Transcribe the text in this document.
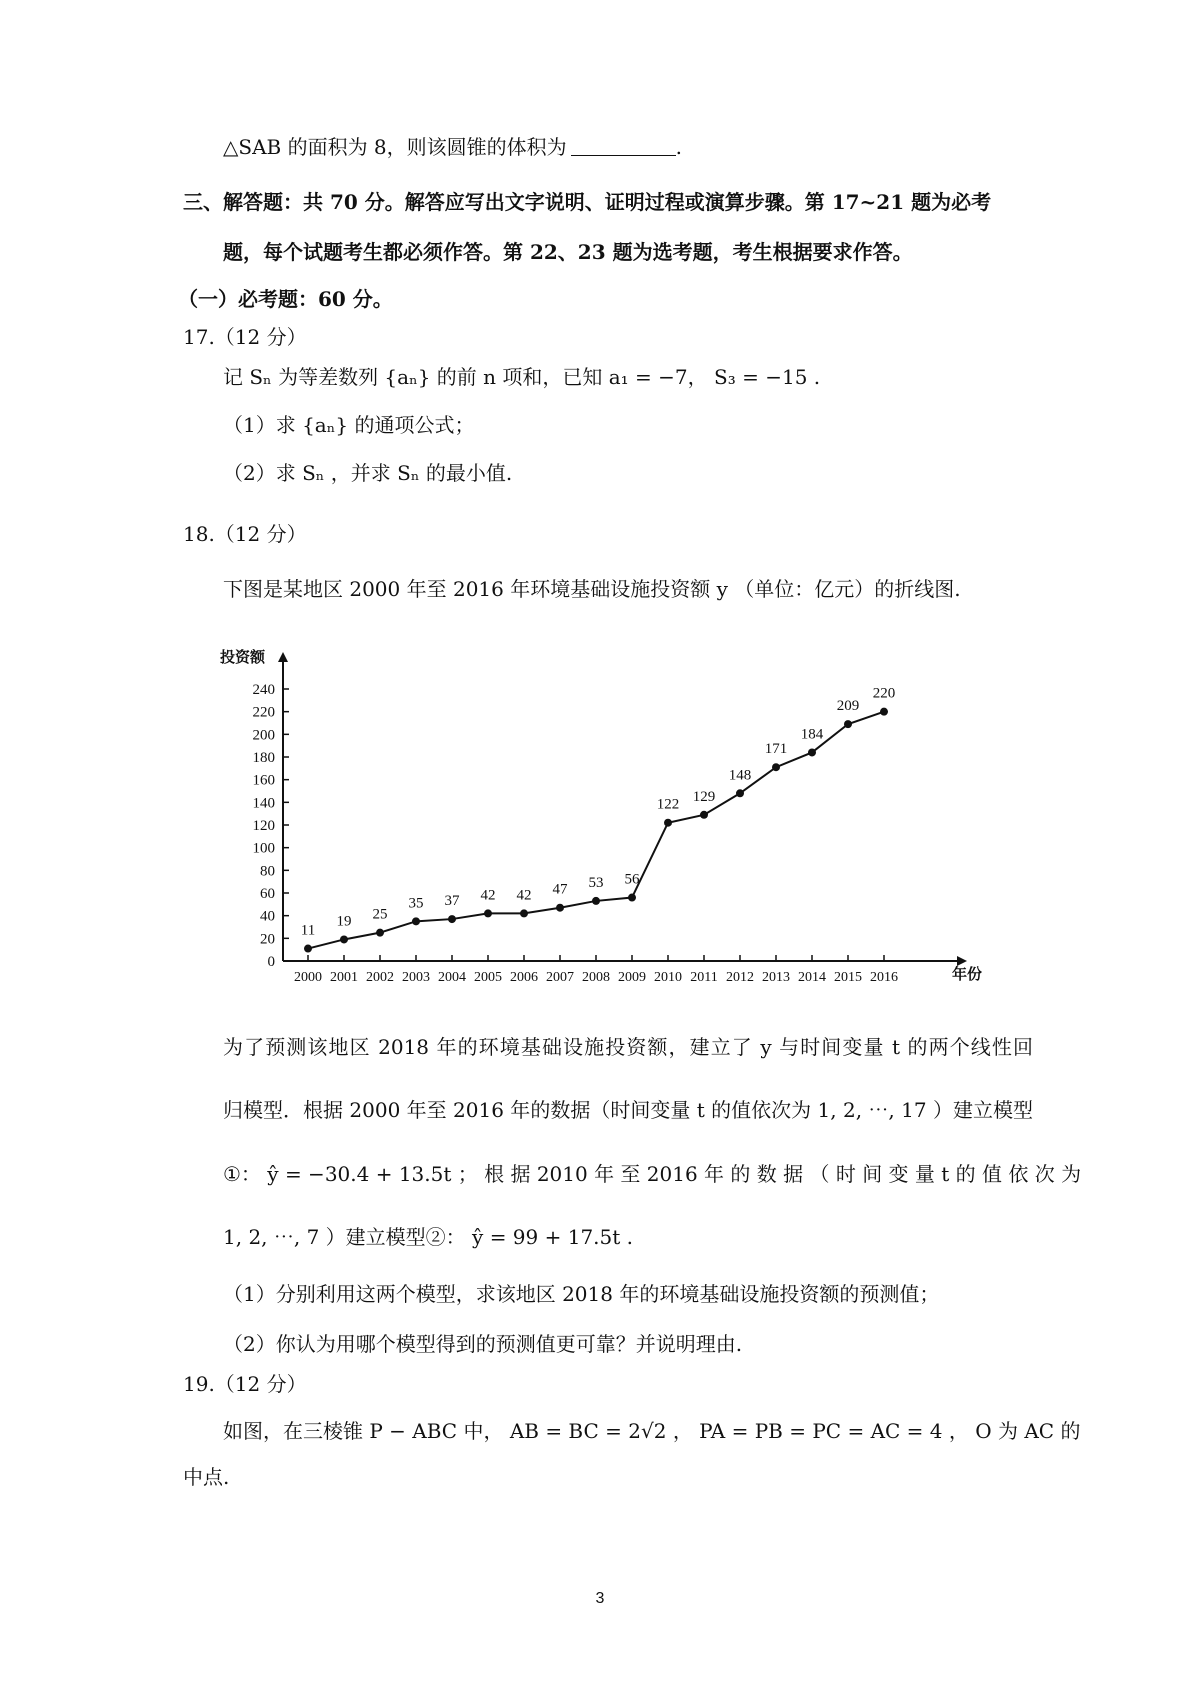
△SAB 的面积为 8，则该圆锥的体积为	.
三、解答题：共 70 分。解答应写出文字说明、证明过程或演算步骤。第 17~21 题为必考
题，每个试题考生都必须作答。第 22、23 题为选考题，考生根据要求作答。
（一）必考题：60 分。
17.（12 分）
记 Sₙ 为等差数列 {aₙ} 的前 n 项和，已知 a₁ = −7， S₃ = −15 .
（1）求 {aₙ} 的通项公式；
（2）求 Sₙ ，并求 Sₙ 的最小值.
18.（12 分）
下图是某地区 2000 年至 2016 年环境基础设施投资额 y （单位：亿元）的折线图.
0
20
40
60
80
100
120
140
160
180
200
220
240
2000 2001 2002 2003 2004 2005 2006 2007 2008 2009 2010 2011 2012 2013 2014 2015 2016
11
19 25
35 37 42 42 47 53 56
122 129
148
171
184
209
220
投资额
年份
为了预测该地区 2018 年的环境基础设施投资额，建立了 y 与时间变量 t 的两个线性回
归模型．根据 2000 年至 2016 年的数据（时间变量 t 的值依次为 1, 2, ⋯, 17 ）建立模型
①： ŷ = −30.4 + 13.5t ； 根 据 2010 年 至 2016 年 的 数 据 （ 时 间 变 量 t 的 值 依 次 为
1, 2, ⋯, 7 ）建立模型②： ŷ = 99 + 17.5t .
（1）分别利用这两个模型，求该地区 2018 年的环境基础设施投资额的预测值；
（2）你认为用哪个模型得到的预测值更可靠？并说明理由.
19.（12 分）
如图，在三棱锥 P − ABC 中， AB = BC = 2√2 ， PA = PB = PC = AC = 4 ， O 为 AC 的
中点.
3
